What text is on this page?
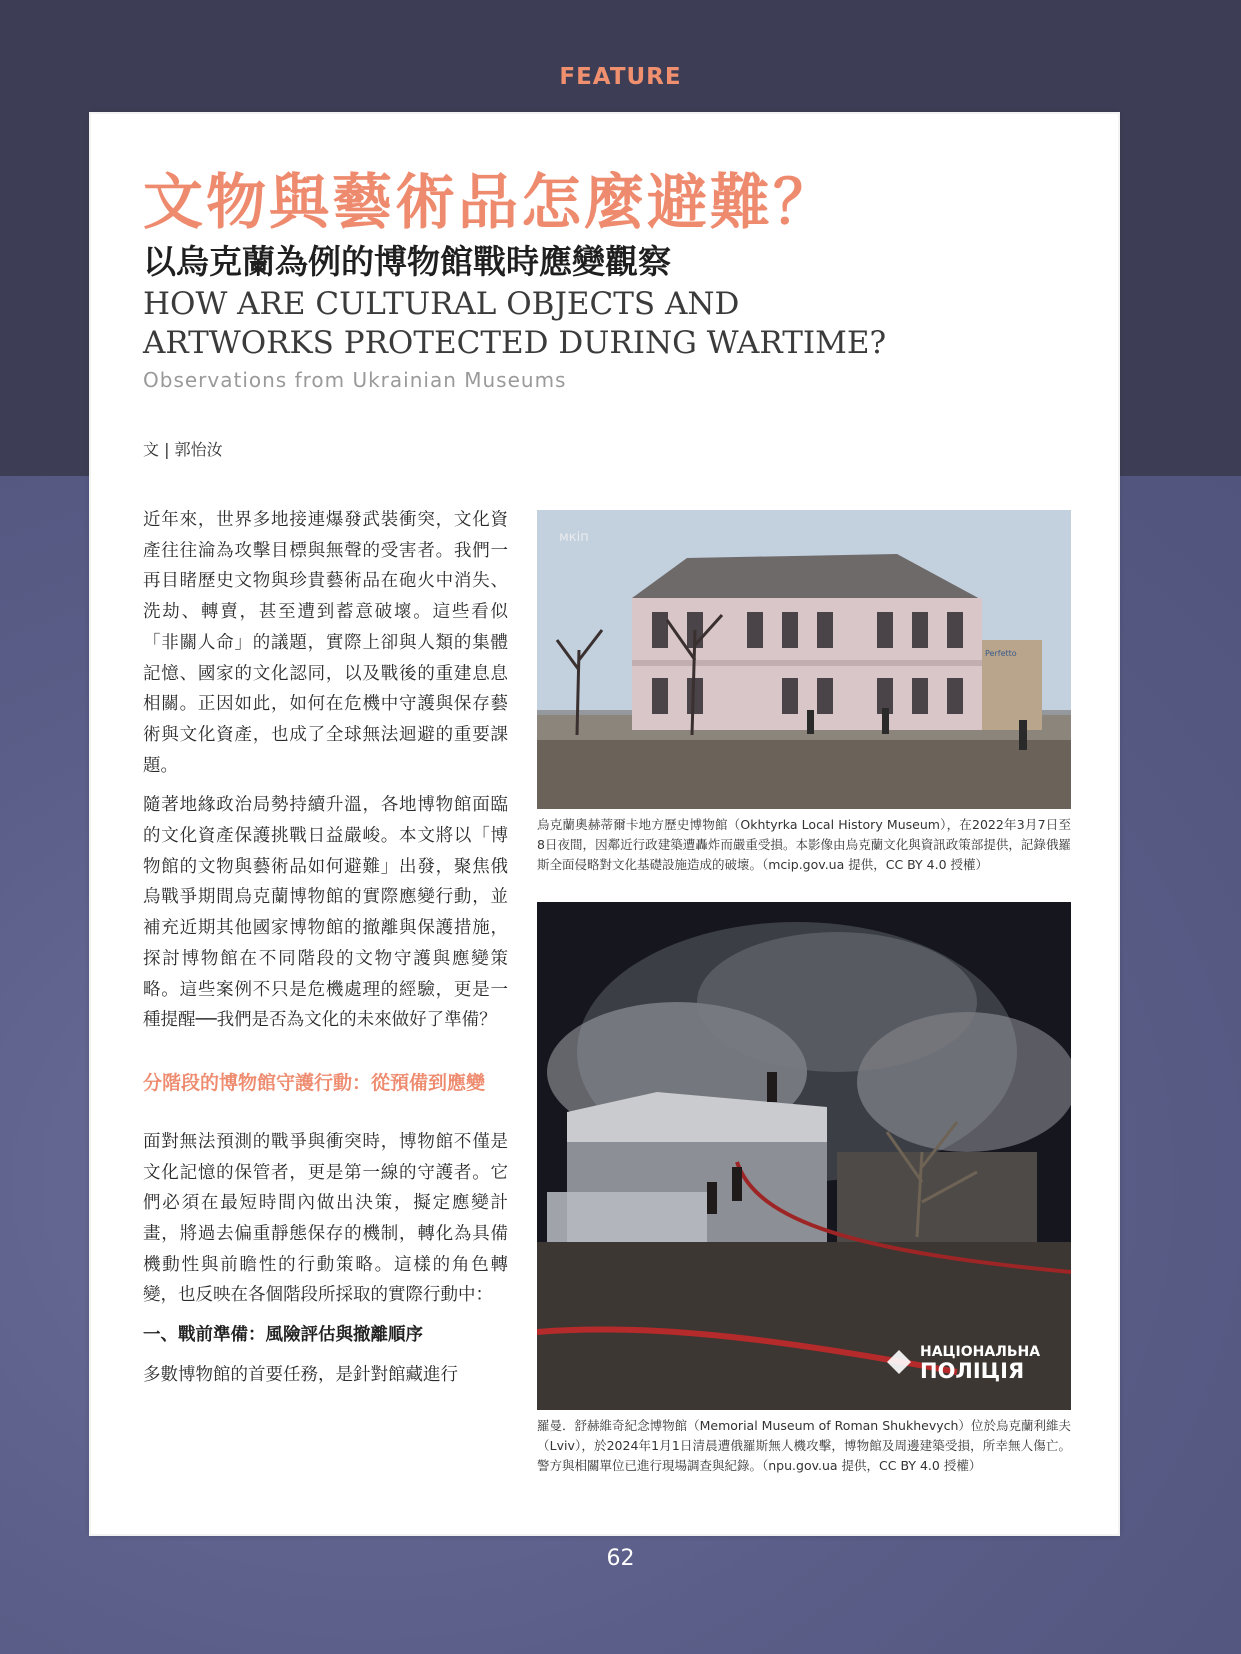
FEATURE
文物與藝術品怎麼避難？
以烏克蘭為例的博物館戰時應變觀察
HOW ARE CULTURAL OBJECTS AND
ARTWORKS PROTECTED DURING WARTIME?
Observations from Ukrainian Museums
文 | 郭怡汝

近年來，世界多地接連爆發武裝衝突，文化資產往往淪為攻擊目標與無聲的受害者。我們一再目睹歷史文物與珍貴藝術品在砲火中消失、洗劫、轉賣，甚至遭到蓄意破壞。這些看似「非關人命」的議題，實際上卻與人類的集體記憶、國家的文化認同，以及戰後的重建息息相關。正因如此，如何在危機中守護與保存藝術與文化資產，也成了全球無法迴避的重要課題。

隨著地緣政治局勢持續升溫，各地博物館面臨的文化資產保護挑戰日益嚴峻。本文將以「博物館的文物與藝術品如何避難」出發，聚焦俄烏戰爭期間烏克蘭博物館的實際應變行動，並補充近期其他國家博物館的撤離與保護措施，探討博物館在不同階段的文物守護與應變策略。這些案例不只是危機處理的經驗，更是一種提醒──我們是否為文化的未來做好了準備？

分階段的博物館守護行動：從預備到應變

面對無法預測的戰爭與衝突時，博物館不僅是文化記憶的保管者，更是第一線的守護者。它們必須在最短時間內做出決策，擬定應變計畫，將過去偏重靜態保存的機制，轉化為具備機動性與前瞻性的行動策略。這樣的角色轉變，也反映在各個階段所採取的實際行動中：

一、戰前準備：風險評估與撤離順序

多數博物館的首要任務，是針對館藏進行

Perfetto
мкіп
烏克蘭奧赫蒂爾卡地方歷史博物館（Okhtyrka Local History Museum），在2022年3月7日至8日夜間，因鄰近行政建築遭轟炸而嚴重受損。本影像由烏克蘭文化與資訊政策部提供，記錄俄羅斯全面侵略對文化基礎設施造成的破壞。（mcip.gov.ua 提供，CC BY 4.0 授權）
НАЦІОНАЛЬНА
ПОЛІЦІЯ
羅曼．舒赫維奇紀念博物館（Memorial Museum of Roman Shukhevych）位於烏克蘭利維夫（Lviv），於2024年1月1日清晨遭俄羅斯無人機攻擊，博物館及周邊建築受損，所幸無人傷亡。警方與相關單位已進行現場調查與紀錄。（npu.gov.ua 提供，CC BY 4.0 授權）
62
